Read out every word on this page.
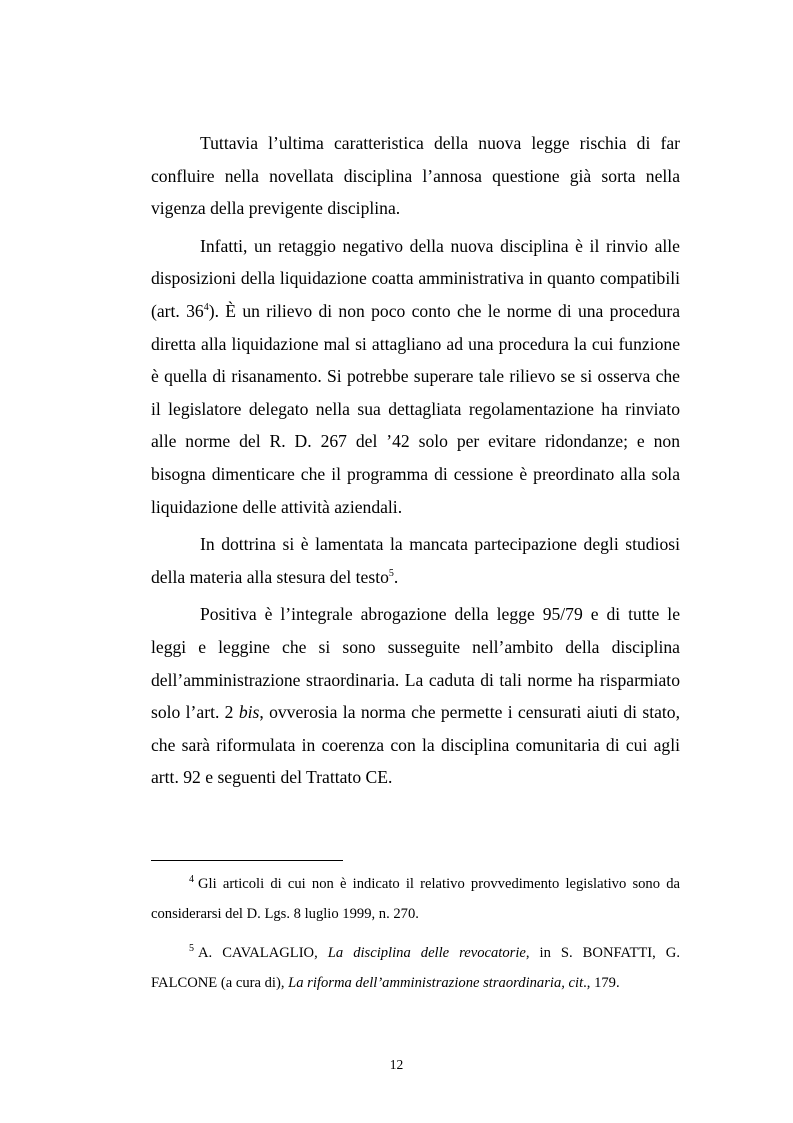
Tuttavia l’ultima caratteristica della nuova legge rischia di far confluire nella novellata disciplina l’annosa questione già sorta nella vigenza della previgente disciplina.

Infatti, un retaggio negativo della nuova disciplina è il rinvio alle disposizioni della liquidazione coatta amministrativa in quanto compatibili (art. $36^4$). È un rilievo di non poco conto che le norme di una procedura diretta alla liquidazione mal si attagliano ad una procedura la cui funzione è quella di risanamento. Si potrebbe superare tale rilievo se si osserva che il legislatore delegato nella sua dettagliata regolamentazione ha rinviato alle norme del R. D. 267 del ’42 solo per evitare ridondanze; e non bisogna dimenticare che il programma di cessione è preordinato alla sola liquidazione delle attività aziendali.

In dottrina si è lamentata la mancata partecipazione degli studiosi della materia alla stesura del testo$^5$.

Positiva è l’integrale abrogazione della legge 95/79 e di tutte le leggi e leggine che si sono susseguite nell’ambito della disciplina dell’amministrazione straordinaria. La caduta di tali norme ha risparmiato solo l’art. 2 bis, ovverosia la norma che permette i censurati aiuti di stato, che sarà riformulata in coerenza con la disciplina comunitaria di cui agli artt. 92 e seguenti del Trattato CE.

$^4$ Gli articoli di cui non è indicato il relativo provvedimento legislativo sono da considerarsi del D. Lgs. 8 luglio 1999, n. 270.

$^5$ A. CAVALAGLIO, La disciplina delle revocatorie, in S. BONFATTI, G. FALCONE (a cura di), La riforma dell’amministrazione straordinaria, cit., 179.

12
